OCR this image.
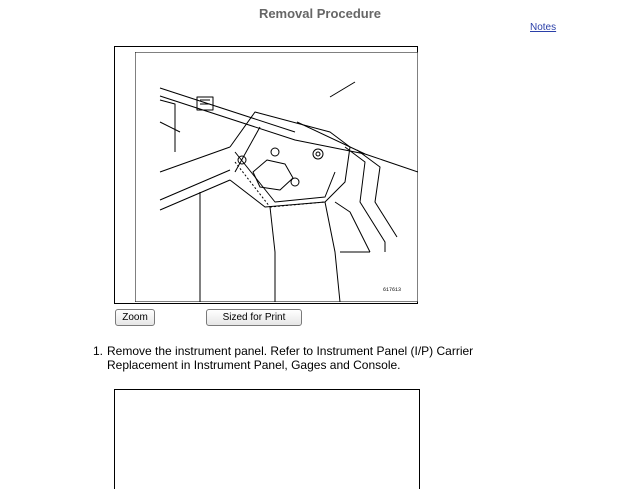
Removal Procedure
Notes
617613
Zoom	Sized for Print
1. Remove the instrument panel. Refer to Instrument Panel (I/P) Carrier Replacement in Instrument Panel, Gages and Console.
